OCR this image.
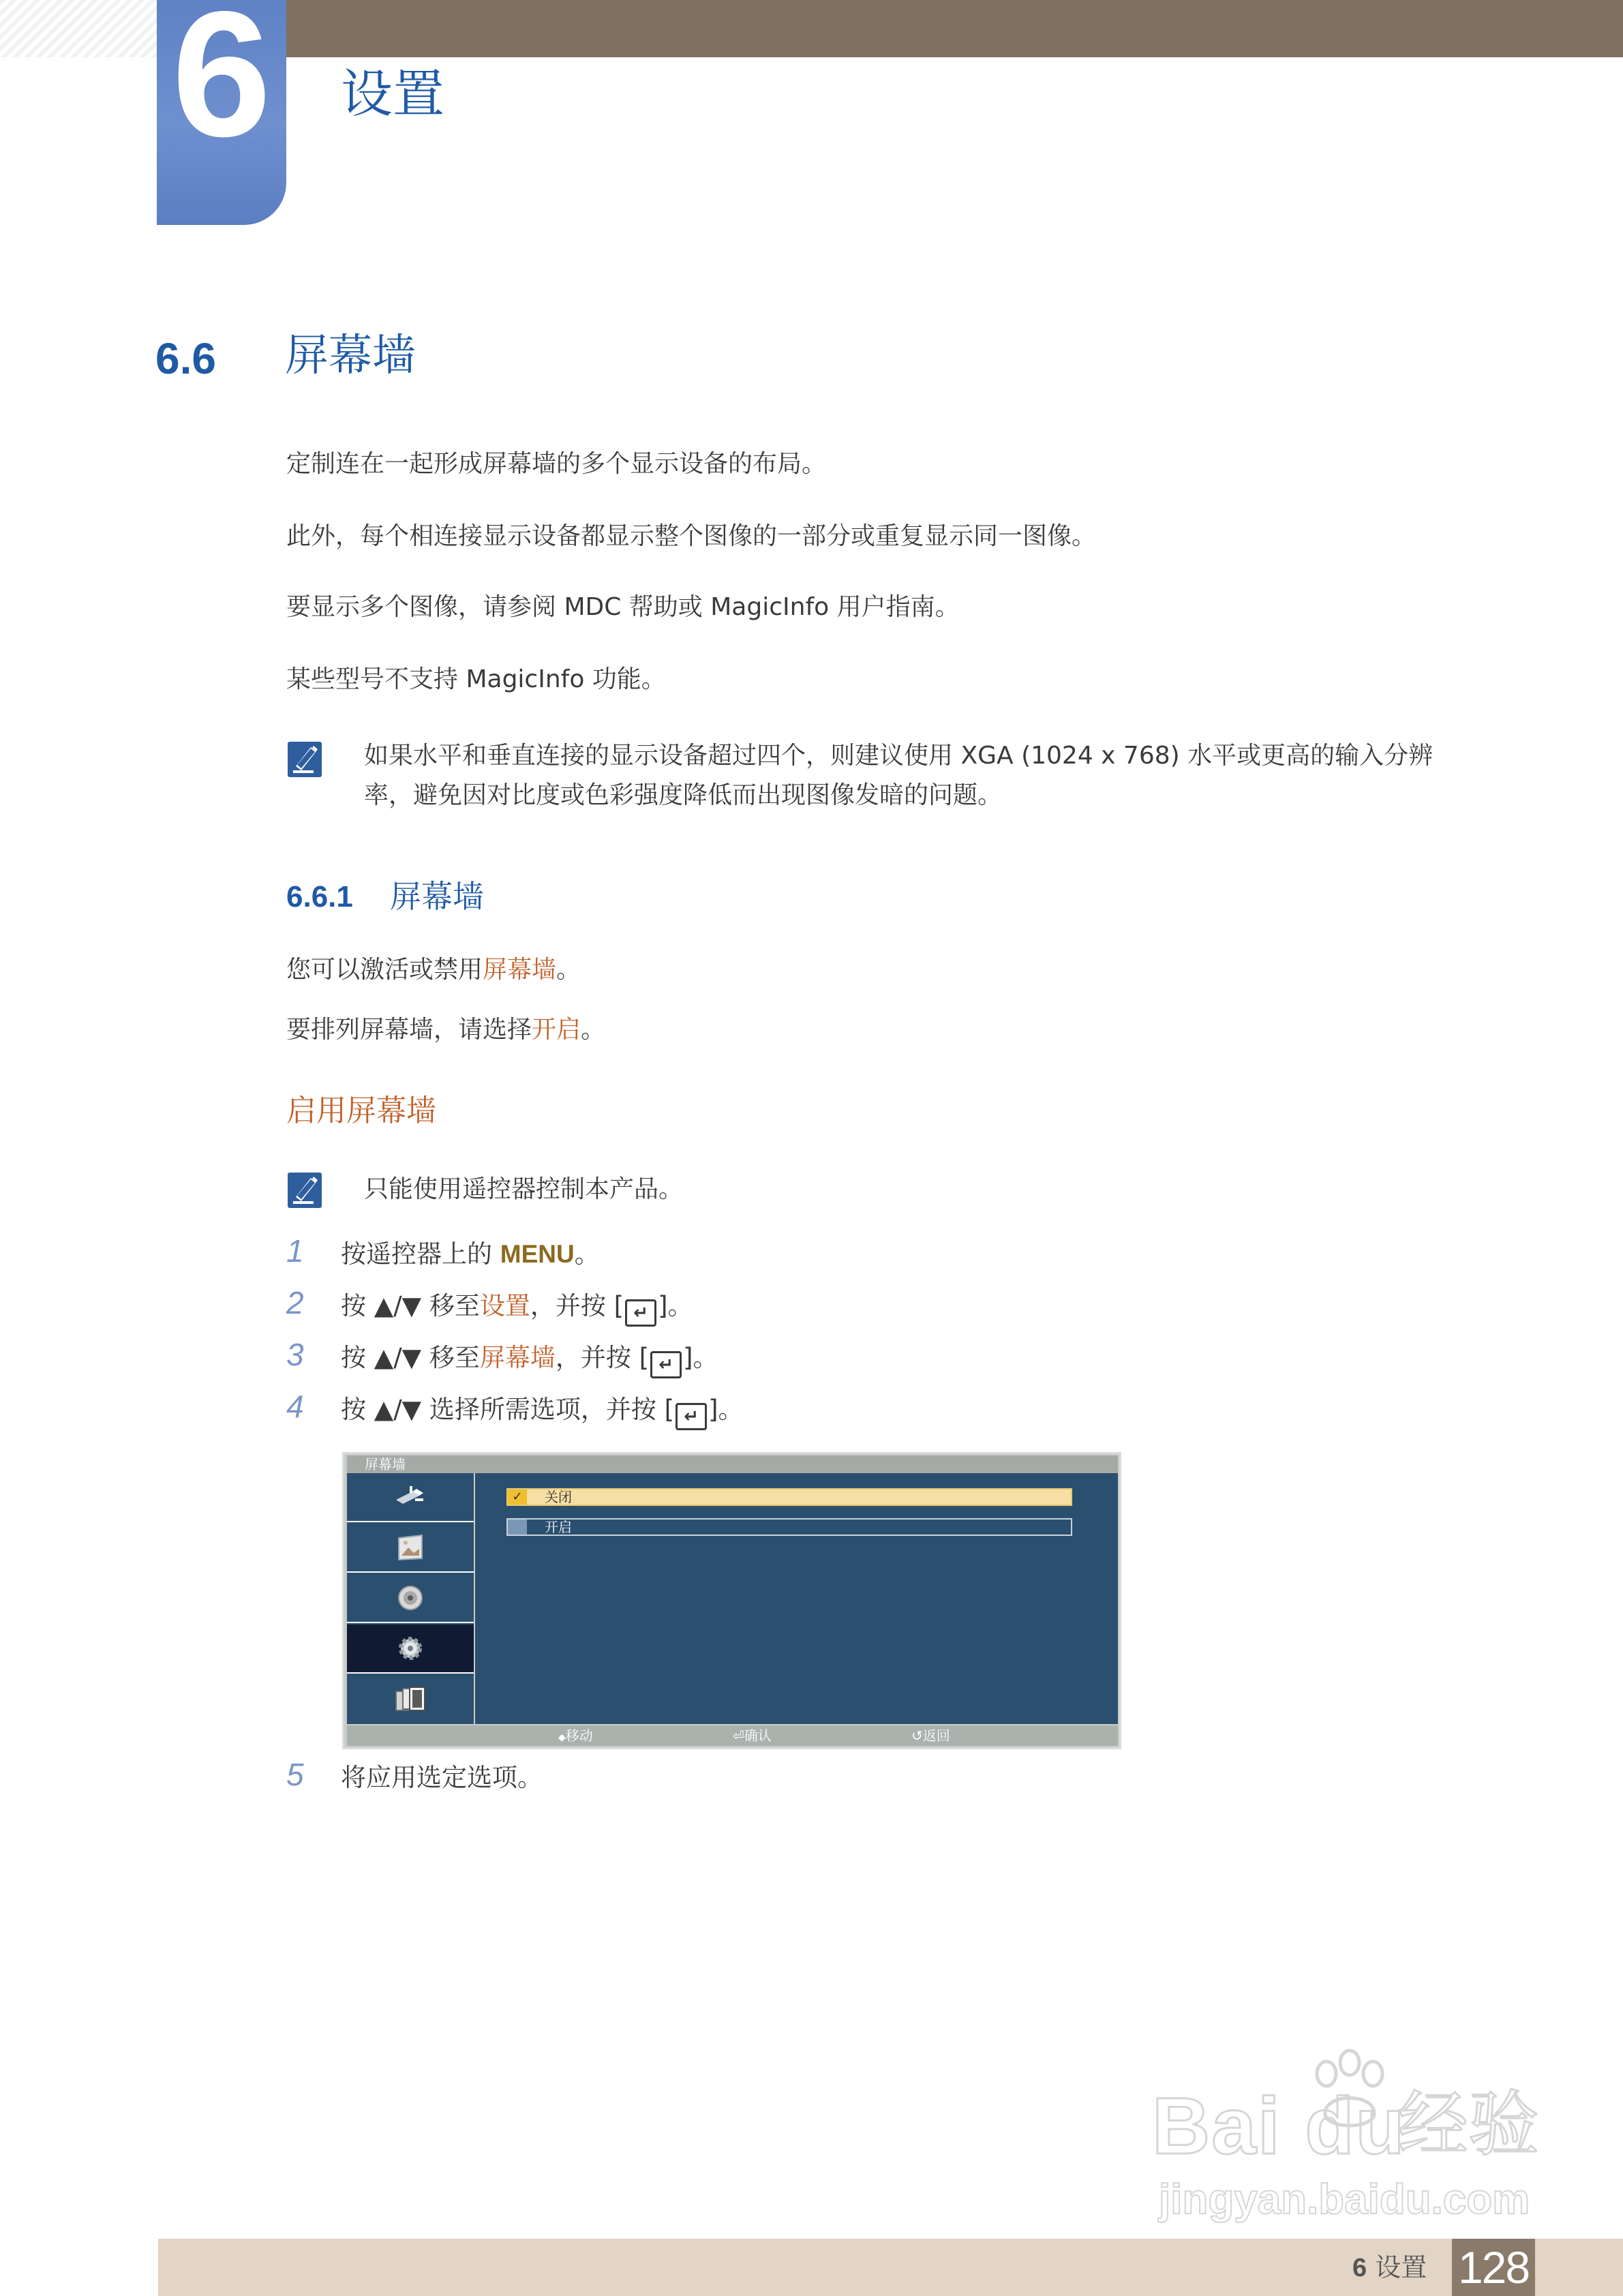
6 设置
6.6 屏幕墙
定制连在一起形成屏幕墙的多个显示设备的布局。
此外，每个相连接显示设备都显示整个图像的一部分或重复显示同一图像。
要显示多个图像，请参阅 MDC 帮助或 MagicInfo 用户指南。
某些型号不支持 MagicInfo 功能。
如果水平和垂直连接的显示设备超过四个，则建议使用 XGA (1024 x 768) 水平或更高的输入分辨
率，避免因对比度或色彩强度降低而出现图像发暗的问题。
6.6.1 屏幕墙
您可以激活或禁用屏幕墙。
要排列屏幕墙，请选择开启。
启用屏幕墙
只能使用遥控器控制本产品。
1 按遥控器上的 MENU。
2 按 ▲/▼ 移至设置，并按 [ ↵ ]。
3 按 ▲/▼ 移至屏幕墙，并按 [ ↵ ]。
4 按 ▲/▼ 选择所需选项，并按 [ ↵ ]。
屏幕墙
✓	关闭
开启
◆移动	⏎确认	↺返回
5 将应用选定选项。
Bai du
经验
jingyan.baidu.com
6 设置 128
